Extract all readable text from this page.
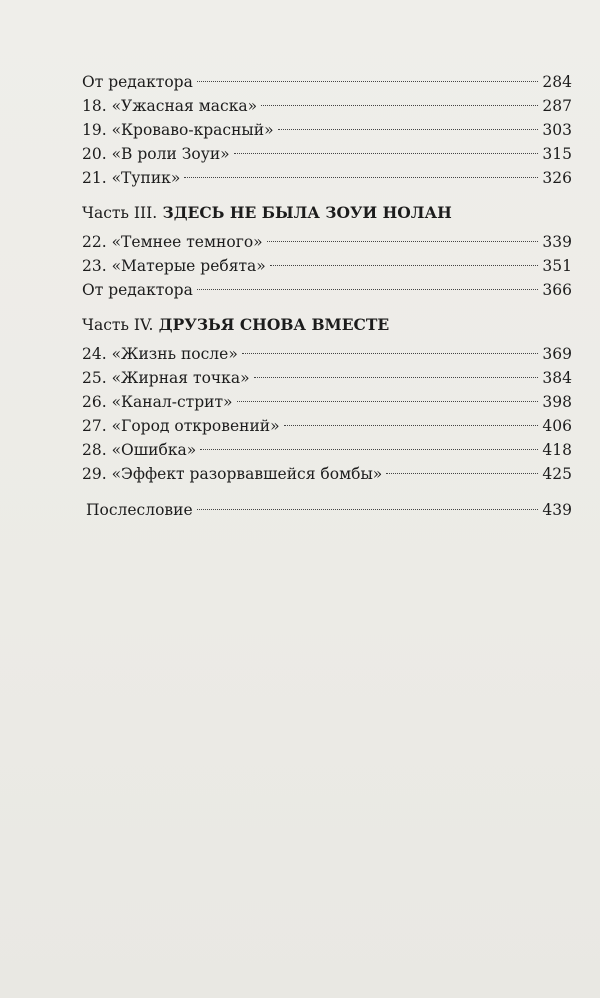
От редактора	284
18. «Ужасная маска»	287
19. «Кроваво-красный»	303
20. «В роли Зоуи»	315
21. «Тупик»	326
Часть III. ЗДЕСЬ НЕ БЫЛА ЗОУИ НОЛАН
22. «Темнее темного»	339
23. «Матерые ребята»	351
От редактора	366
Часть IV. ДРУЗЬЯ СНОВА ВМЕСТЕ
24. «Жизнь после»	369
25. «Жирная точка»	384
26. «Канал-стрит»	398
27. «Город откровений»	406
28. «Ошибка»	418
29. «Эффект разорвавшейся бомбы»	425
Послесловие	439
